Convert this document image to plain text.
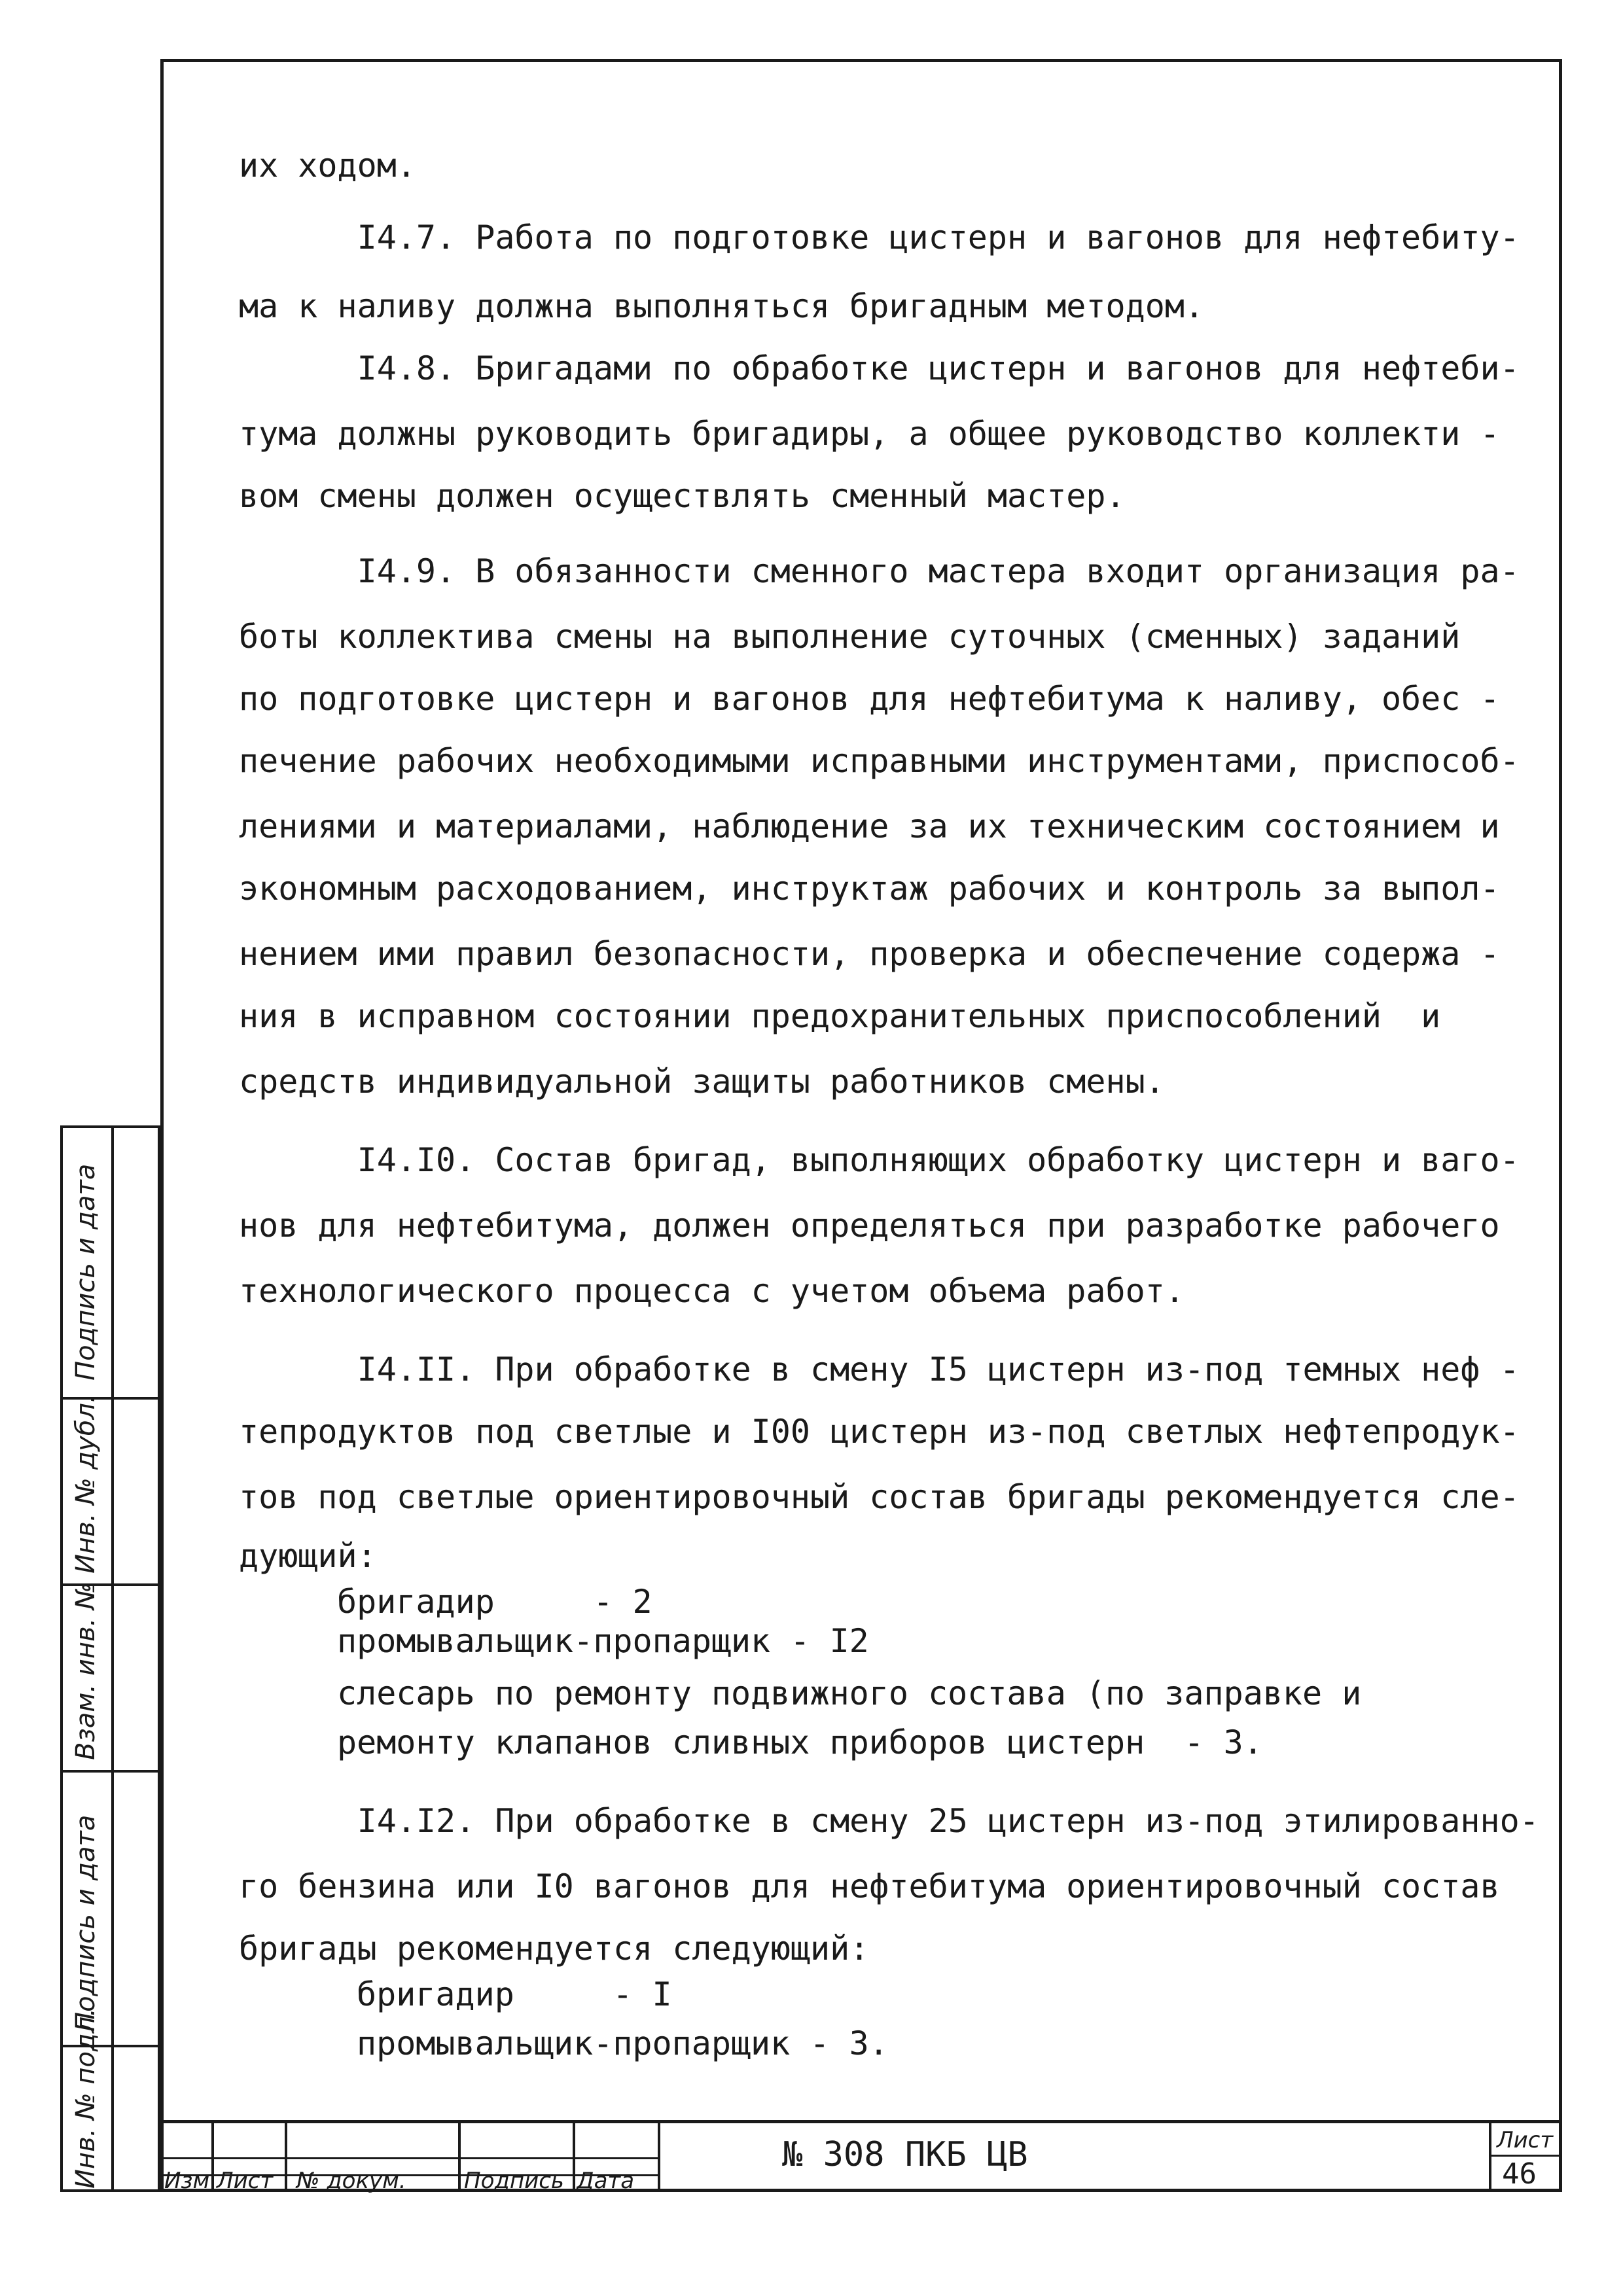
Подпись и дата
Инв. № дубл.
Взам. инв. №
Подпись и дата
Инв. № подл.
их ходом.
I4.7. Работа по подготовке цистерн и вагонов для нефтебиту-
ма к наливу должна выполняться бригадным методом.
I4.8. Бригадами по обработке цистерн и вагонов для нефтеби-
тума должны руководить бригадиры, а общее руководство коллекти -
вом смены должен осуществлять сменный мастер.
I4.9. В обязанности сменного мастера входит организация ра-
боты коллектива смены на выполнение суточных (сменных) заданий
по подготовке цистерн и вагонов для нефтебитума к наливу, обес -
печение рабочих необходимыми исправными инструментами, приспособ-
лениями и материалами, наблюдение за их техническим состоянием и
экономным расходованием, инструктаж рабочих и контроль за выпол-
нением ими правил безопасности, проверка и обеспечение содержа -
ния в исправном состоянии предохранительных приспособлений  и
средств индивидуальной защиты работников смены.
I4.I0. Состав бригад, выполняющих обработку цистерн и ваго-
нов для нефтебитума, должен определяться при разработке рабочего
технологического процесса с учетом объема работ.
I4.II. При обработке в смену I5 цистерн из-под темных неф -
тепродуктов под светлые и I00 цистерн из-под светлых нефтепродук-
тов под светлые ориентировочный состав бригады рекомендуется сле-
дующий:
бригадир     - 2
промывальщик-пропарщик - I2
слесарь по ремонту подвижного состава (по заправке и
ремонту клапанов сливных приборов цистерн  - 3.
I4.I2. При обработке в смену 25 цистерн из-под этилированно-
го бензина или I0 вагонов для нефтебитума ориентировочный состав
бригады рекомендуется следующий:
бригадир     - I
промывальщик-пропарщик - 3.
Изм Лист № докум.	Подпись Дата
№ 308 ПКБ ЦВ	Лист
46
